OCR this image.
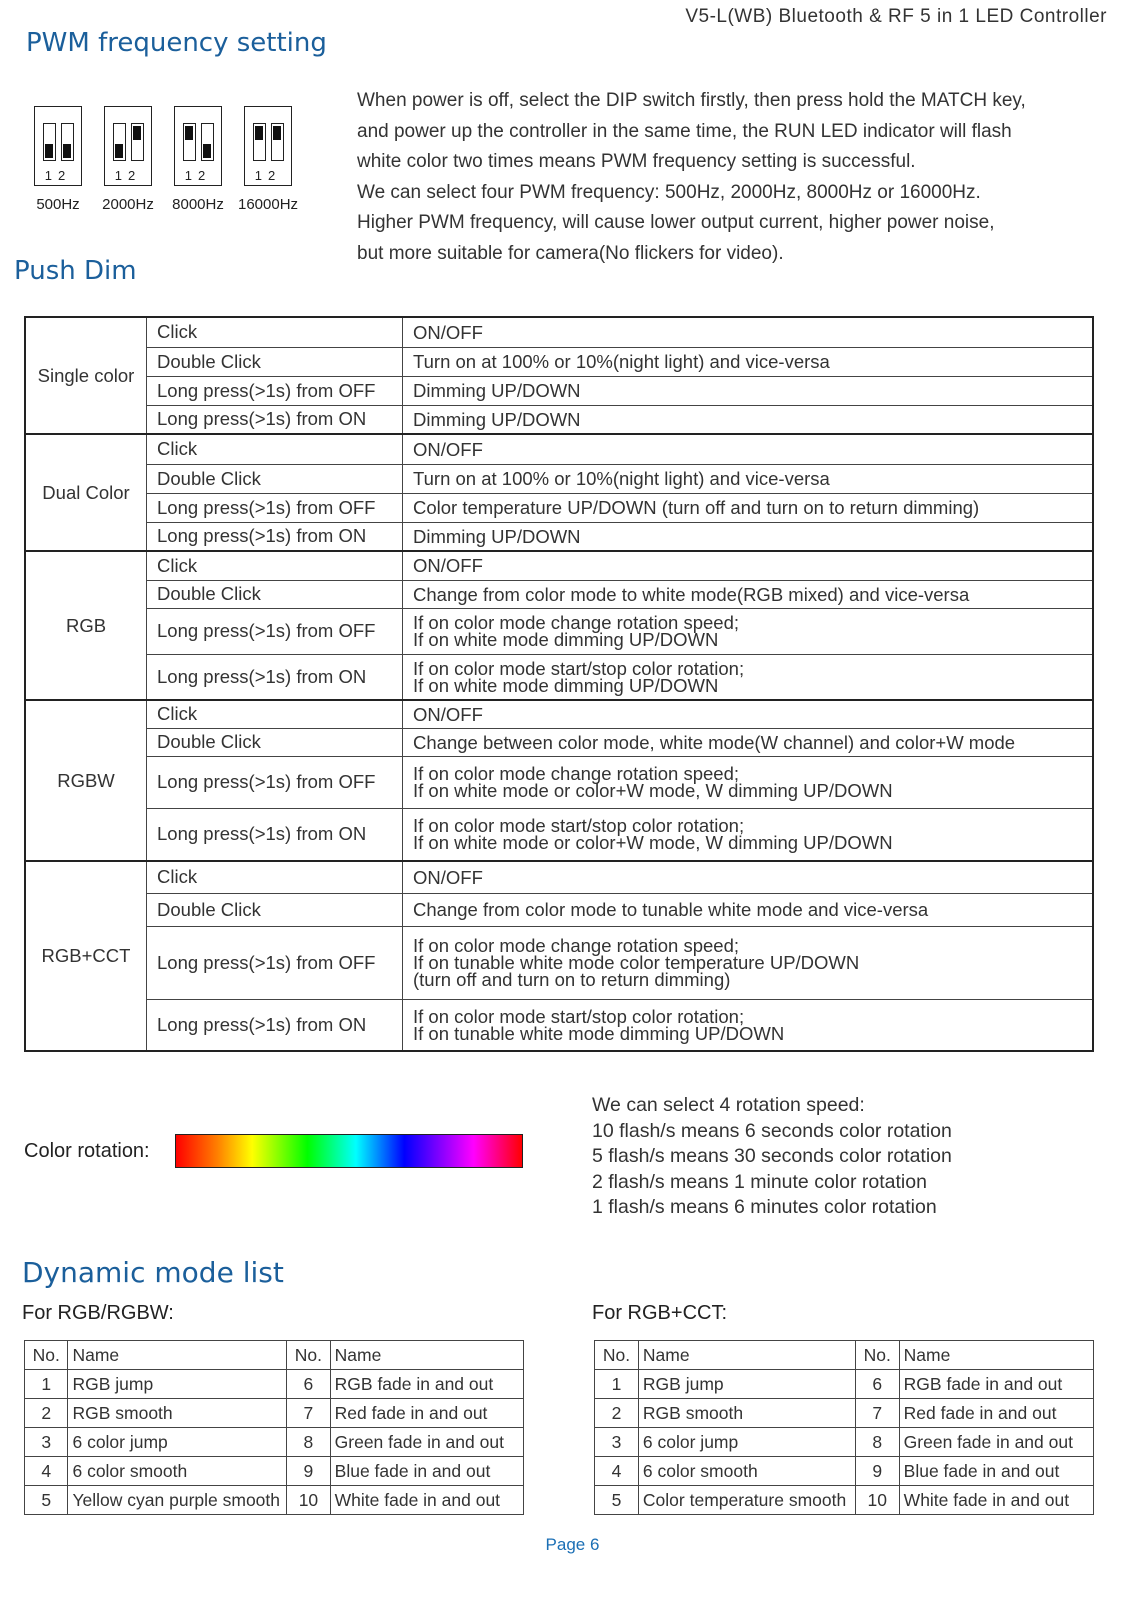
V5-L(WB) Bluetooth & RF 5 in 1 LED Controller
PWM frequency setting
12
500Hz
12
2000Hz
12
8000Hz
12
16000Hz
When power is off, select the DIP switch firstly, then press hold the MATCH key,
and power up the controller in the same time, the RUN LED indicator will flash
white color two times means PWM frequency setting is successful.
We can select four PWM frequency: 500Hz, 2000Hz, 8000Hz or 16000Hz.
Higher PWM frequency, will cause lower output current, higher power noise,
but more suitable for camera(No flickers for video).
Push Dim
Single color	Click	ON/OFF

	Double Click	Turn on at 100% or 10%(night light) and vice-versa

	Long press(>1s) from OFF	Dimming UP/DOWN

	Long press(>1s) from ON	Dimming UP/DOWN

Dual Color	Click	ON/OFF

	Double Click	Turn on at 100% or 10%(night light) and vice-versa

	Long press(>1s) from OFF	Color temperature UP/DOWN (turn off and turn on to return dimming)

	Long press(>1s) from ON	Dimming UP/DOWN

RGB	Click	ON/OFF

	Double Click	Change from color mode to white mode(RGB mixed) and vice-versa

	Long press(>1s) from OFF	If on color mode change rotation speed;
If on white mode dimming UP/DOWN

	Long press(>1s) from ON	If on color mode start/stop color rotation;
If on white mode dimming UP/DOWN

RGBW	Click	ON/OFF

	Double Click	Change between color mode, white mode(W channel) and color+W mode

	Long press(>1s) from OFF	If on color mode change rotation speed;
If on white mode or color+W mode, W dimming UP/DOWN

	Long press(>1s) from ON	If on color mode start/stop color rotation;
If on white mode or color+W mode, W dimming UP/DOWN

RGB+CCT	Click	ON/OFF

	Double Click	Change from color mode to tunable white mode and vice-versa

	Long press(>1s) from OFF	If on color mode change rotation speed;
If on tunable white mode color temperature UP/DOWN
(turn off and turn on to return dimming)

	Long press(>1s) from ON	If on color mode start/stop color rotation;
If on tunable white mode dimming UP/DOWN
Color rotation:
We can select 4 rotation speed:
10 flash/s means 6 seconds color rotation
5 flash/s means 30 seconds color rotation
2 flash/s means 1 minute color rotation
1 flash/s means 6 minutes color rotation
Dynamic mode list
For RGB/RGBW:	For RGB+CCT:
No.	Name	No.	Name
1	RGB jump	6	RGB fade in and out
2	RGB smooth	7	Red fade in and out
3	6 color jump	8	Green fade in and out
4	6 color smooth	9	Blue fade in and out
5	Yellow cyan purple smooth	10	White fade in and out
No.	Name	No.	Name
1	RGB jump	6	RGB fade in and out
2	RGB smooth	7	Red fade in and out
3	6 color jump	8	Green fade in and out
4	6 color smooth	9	Blue fade in and out
5	Color temperature smooth	10	White fade in and out
Page 6
